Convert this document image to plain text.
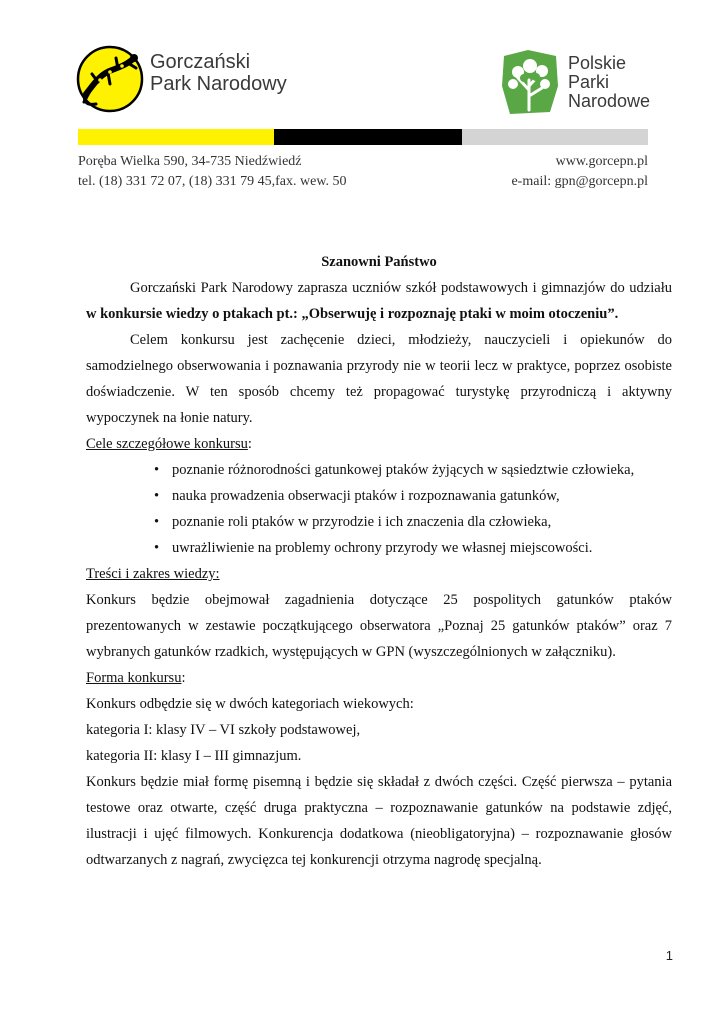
Gorczański
Park Narodowy
Polskie
Parki
Narodowe
Poręba Wielka 590, 34-735 Niedźwiedź
tel. (18) 331 72 07, (18) 331 79 45,fax. wew. 50
www.gorcepn.pl
e-mail: gpn@gorcepn.pl

Szanowni Państwo

Gorczański Park Narodowy zaprasza uczniów szkół podstawowych i gimnazjów do udziału w konkursie wiedzy o ptakach pt.: „Obserwuję i rozpoznaję ptaki w moim otoczeniu”.

Celem konkursu jest zachęcenie dzieci, młodzieży, nauczycieli i opiekunów do samodzielnego obserwowania i poznawania przyrody nie w teorii lecz w praktyce, poprzez osobiste doświadczenie. W ten sposób chcemy też propagować turystykę przyrodniczą i aktywny wypoczynek na łonie natury.

Cele szczegółowe konkursu:

• poznanie różnorodności gatunkowej ptaków żyjących w sąsiedztwie człowieka,
• nauka prowadzenia obserwacji ptaków i rozpoznawania gatunków,
• poznanie roli ptaków w przyrodzie i ich znaczenia dla człowieka,
• uwrażliwienie na problemy ochrony przyrody we własnej miejscowości.

Treści i zakres wiedzy:

Konkurs będzie obejmował zagadnienia dotyczące 25 pospolitych gatunków ptaków prezentowanych w zestawie początkującego obserwatora „Poznaj 25 gatunków ptaków” oraz 7 wybranych gatunków rzadkich, występujących w GPN (wyszczególnionych w załączniku).

Forma konkursu:

Konkurs odbędzie się w dwóch kategoriach wiekowych:

kategoria I: klasy IV – VI szkoły podstawowej,

kategoria II: klasy I – III gimnazjum.

Konkurs będzie miał formę pisemną i będzie się składał z dwóch części. Część pierwsza – pytania testowe oraz otwarte, część druga praktyczna – rozpoznawanie gatunków na podstawie zdjęć, ilustracji i ujęć filmowych. Konkurencja dodatkowa (nieobligatoryjna) – rozpoznawanie głosów odtwarzanych z nagrań, zwycięzca tej konkurencji otrzyma nagrodę specjalną.

1
